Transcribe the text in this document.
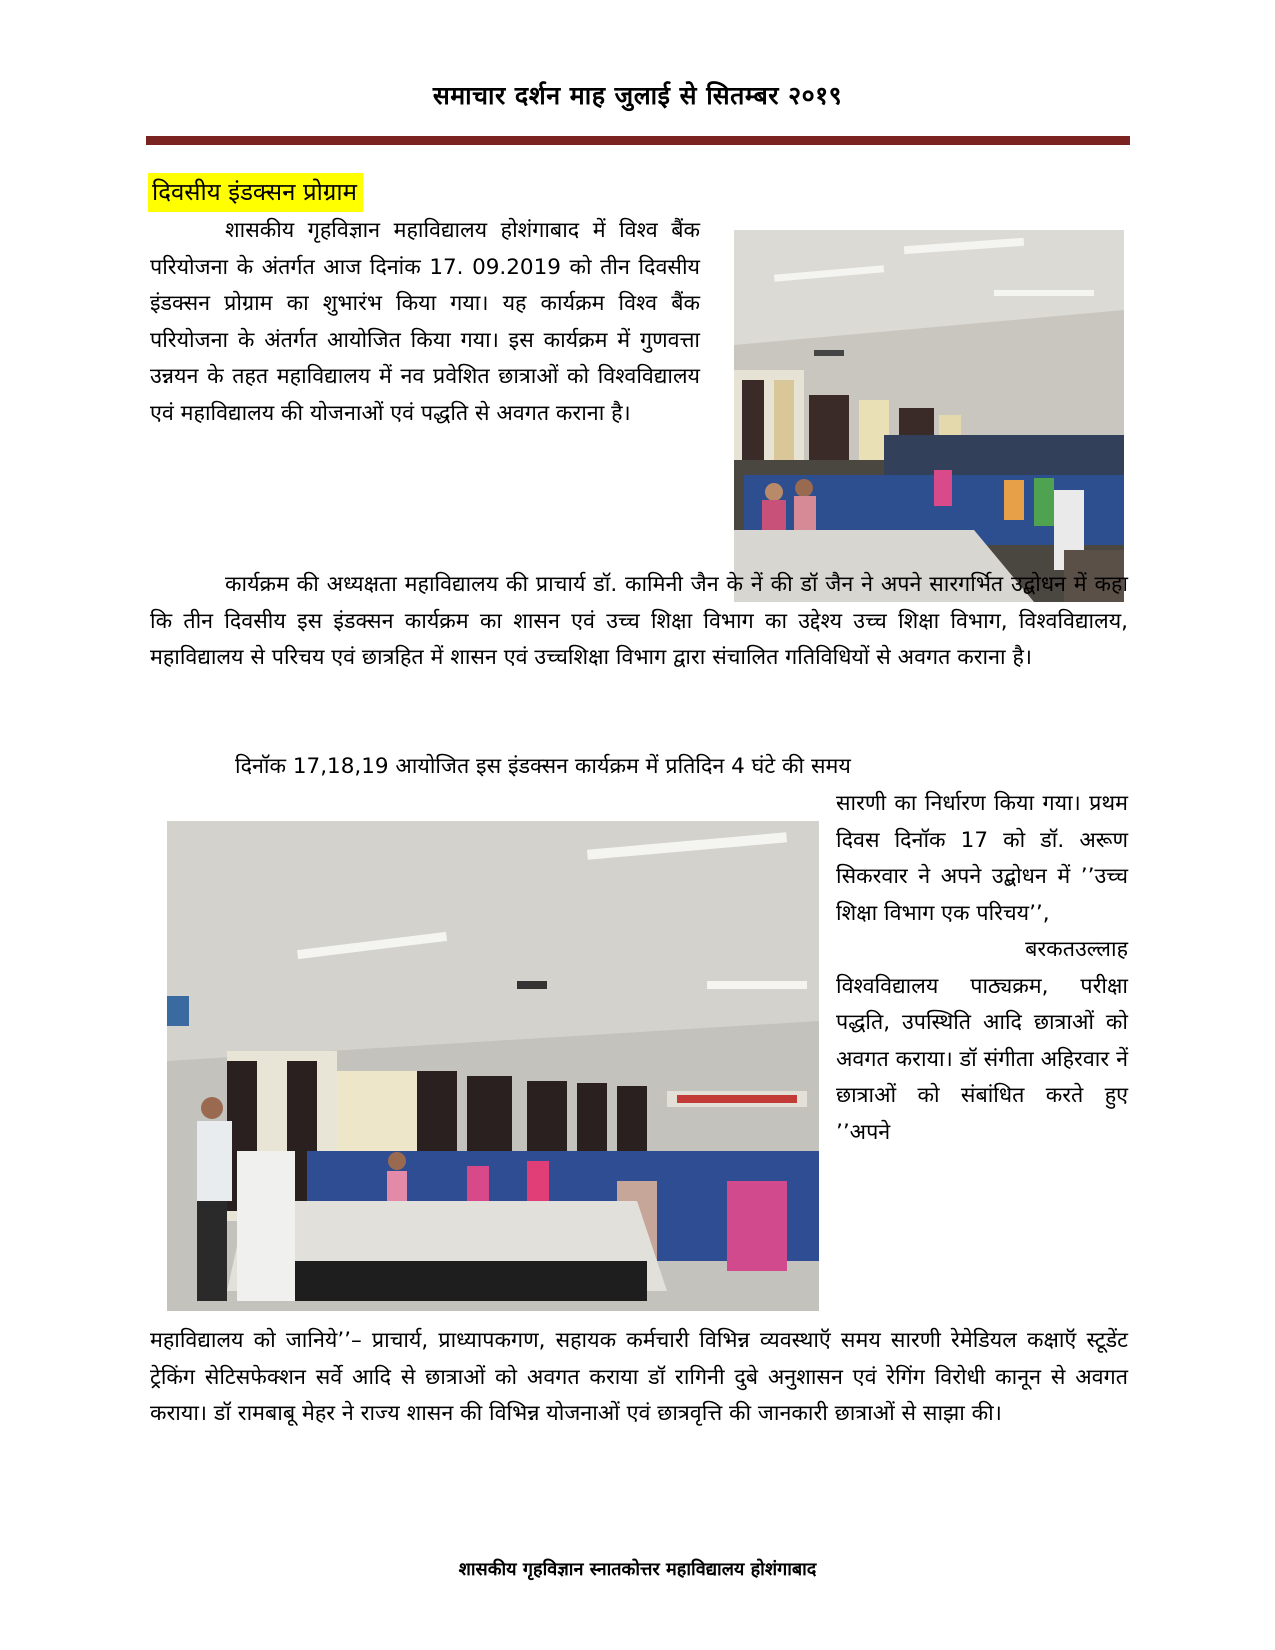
समाचार दर्शन माह जुलाई से सितम्बर २०१९
दिवसीय इंडक्सन प्रोग्राम
शासकीय गृहविज्ञान महाविद्यालय होशंगाबाद में विश्व बैंक परियोजना के अंतर्गत आज दिनांक 17. 09.2019 को तीन दिवसीय इंडक्सन प्रोग्राम का शुभारंभ किया गया। यह कार्यक्रम विश्व बैंक परियोजना के अंतर्गत आयोजित किया गया। इस कार्यक्रम में गुणवत्ता उन्नयन के तहत महाविद्यालय में नव प्रवेशित छात्राओं को विश्वविद्यालय एवं महाविद्यालय की योजनाओं एवं पद्धति से अवगत कराना है।
कार्यक्रम की अध्यक्षता महाविद्यालय की प्राचार्य डॉ. कामिनी जैन के नें की डॉ जैन ने अपने सारगर्भित उद्बोधन में कहा कि तीन दिवसीय इस इंडक्सन कार्यक्रम का शासन एवं उच्च शिक्षा विभाग का उद्देश्य उच्च शिक्षा विभाग, विश्वविद्यालय, महाविद्यालय से परिचय एवं छात्रहित में शासन एवं उच्चशिक्षा विभाग द्वारा संचालित गतिविधियों से अवगत कराना है।
दिनॉक 17,18,19 आयोजित इस इंडक्सन कार्यक्रम में प्रतिदिन 4 घंटे की समय
सारणी का निर्धारण किया गया। प्रथम दिवस दिनॉक 17 को डॉ. अरूण सिकरवार ने अपने उद्बोधन में ’’उच्च शिक्षा विभाग एक परिचय’’,
बरकतउल्लाह
विश्वविद्यालय पाठ्यक्रम, परीक्षा पद्धति, उपस्थिति आदि छात्राओं को अवगत कराया। डॉ संगीता अहिरवार नें छात्राओं को संबांधित करते हुए ’’अपने
महाविद्यालय को जानिये’’– प्राचार्य, प्राध्यापकगण, सहायक कर्मचारी विभिन्न व्यवस्थाऍ समय सारणी रेमेडियल कक्षाऍ स्टूडेंट ट्रेकिंग सेटिसफेक्शन सर्वे आदि से छात्राओं को अवगत कराया डॉ रागिनी दुबे अनुशासन एवं रेगिंग विरोधी कानून से अवगत कराया। डॉ रामबाबू मेहर ने राज्य शासन की विभिन्न योजनाओं एवं छात्रवृत्ति की जानकारी छात्राओं से साझा की।
शासकीय गृहविज्ञान स्नातकोत्तर महाविद्यालय होशंगाबाद
